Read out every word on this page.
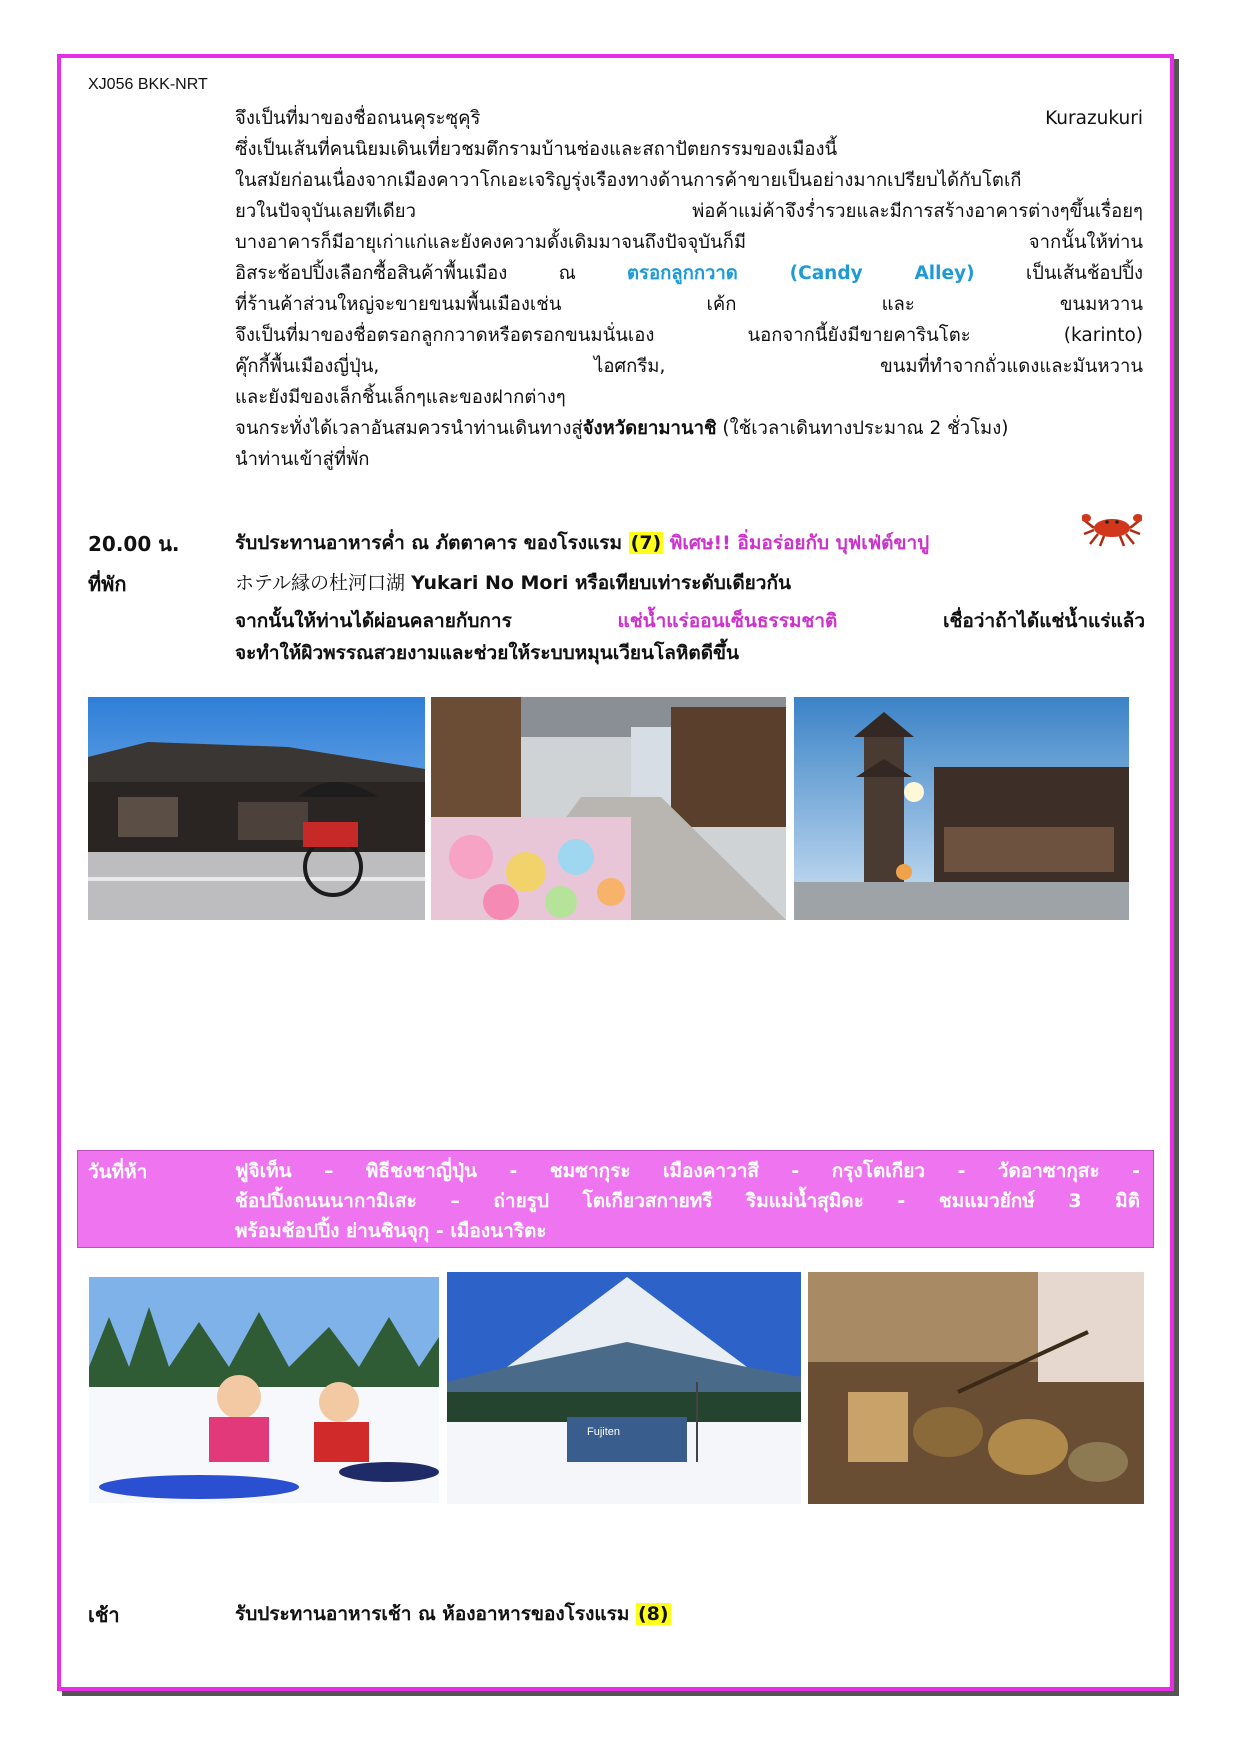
XJ056 BKK-NRT

จึงเป็นที่มาของชื่อถนนคุระซุคุริ Kurazukuri

ซึ่งเป็นเส้นที่คนนิยมเดินเที่ยวชมตึกรามบ้านช่องและสถาปัตยกรรมของเมืองนี้

ในสมัยก่อนเนื่องจากเมืองคาวาโกเอะเจริญรุ่งเรืองทางด้านการค้าขายเป็นอย่างมากเปรียบได้กับโตเกี

ยวในปัจจุบันเลยทีเดียว พ่อค้าแม่ค้าจึงร่ำรวยและมีการสร้างอาคารต่างๆขึ้นเรื่อยๆ

บางอาคารก็มีอายุเก่าแก่และยังคงความดั้งเดิมมาจนถึงปัจจุบันก็มี จากนั้นให้ท่าน

อิสระช้อปปิ้งเลือกซื้อสินค้าพื้นเมือง ณ ตรอกลูกกวาด (Candy Alley) เป็นเส้นช้อปปิ้ง

ที่ร้านค้าส่วนใหญ่จะขายขนมพื้นเมืองเช่น เค้ก และ ขนมหวาน

จึงเป็นที่มาของชื่อตรอกลูกกวาดหรือตรอกขนมนั่นเอง นอกจากนี้ยังมีขายคารินโตะ (karinto)

คุ๊กกี้พื้นเมืองญี่ปุ่น, ไอศกรีม, ขนมที่ทำจากถั่วแดงและมันหวาน

และยังมีของเล็กชิ้นเล็กๆและของฝากต่างๆ

จนกระทั่งได้เวลาอันสมควรนำท่านเดินทางสู่จังหวัดยามานาชิ (ใช้เวลาเดินทางประมาณ 2 ชั่วโมง)

นำท่านเข้าสู่ที่พัก

20.00 น.	รับประทานอาหารค่ำ ณ ภัตตาคาร ของโรงแรม (7) พิเศษ!! อิ่มอร่อยกับ บุฟเฟ่ต์ขาปู
ที่พัก	ホテル縁の杜河口湖 Yukari No Mori หรือเทียบเท่าระดับเดียวกัน
จากนั้นให้ท่านได้ผ่อนคลายกับการ แช่น้ำแร่ออนเซ็นธรรมชาติ เชื่อว่าถ้าได้แช่น้ำแร่แล้ว
จะทำให้ผิวพรรณสวยงามและช่วยให้ระบบหมุนเวียนโลหิตดีขึ้น
วันที่ห้า	ฟูจิเท็น – พิธีชงชาญี่ปุ่น - ชมซากุระ เมืองคาวาสี - กรุงโตเกียว - วัดอาซากุสะ -
ช้อปปิ้งถนนนากามิเสะ – ถ่ายรูป โตเกียวสกายทรี ริมแม่น้ำสุมิดะ - ชมแมวยักษ์ 3 มิติ
พร้อมช้อปปิ้ง ย่านชินจุกุ - เมืองนาริตะ
Fujiten
เช้า	รับประทานอาหารเช้า ณ ห้องอาหารของโรงแรม (8)
